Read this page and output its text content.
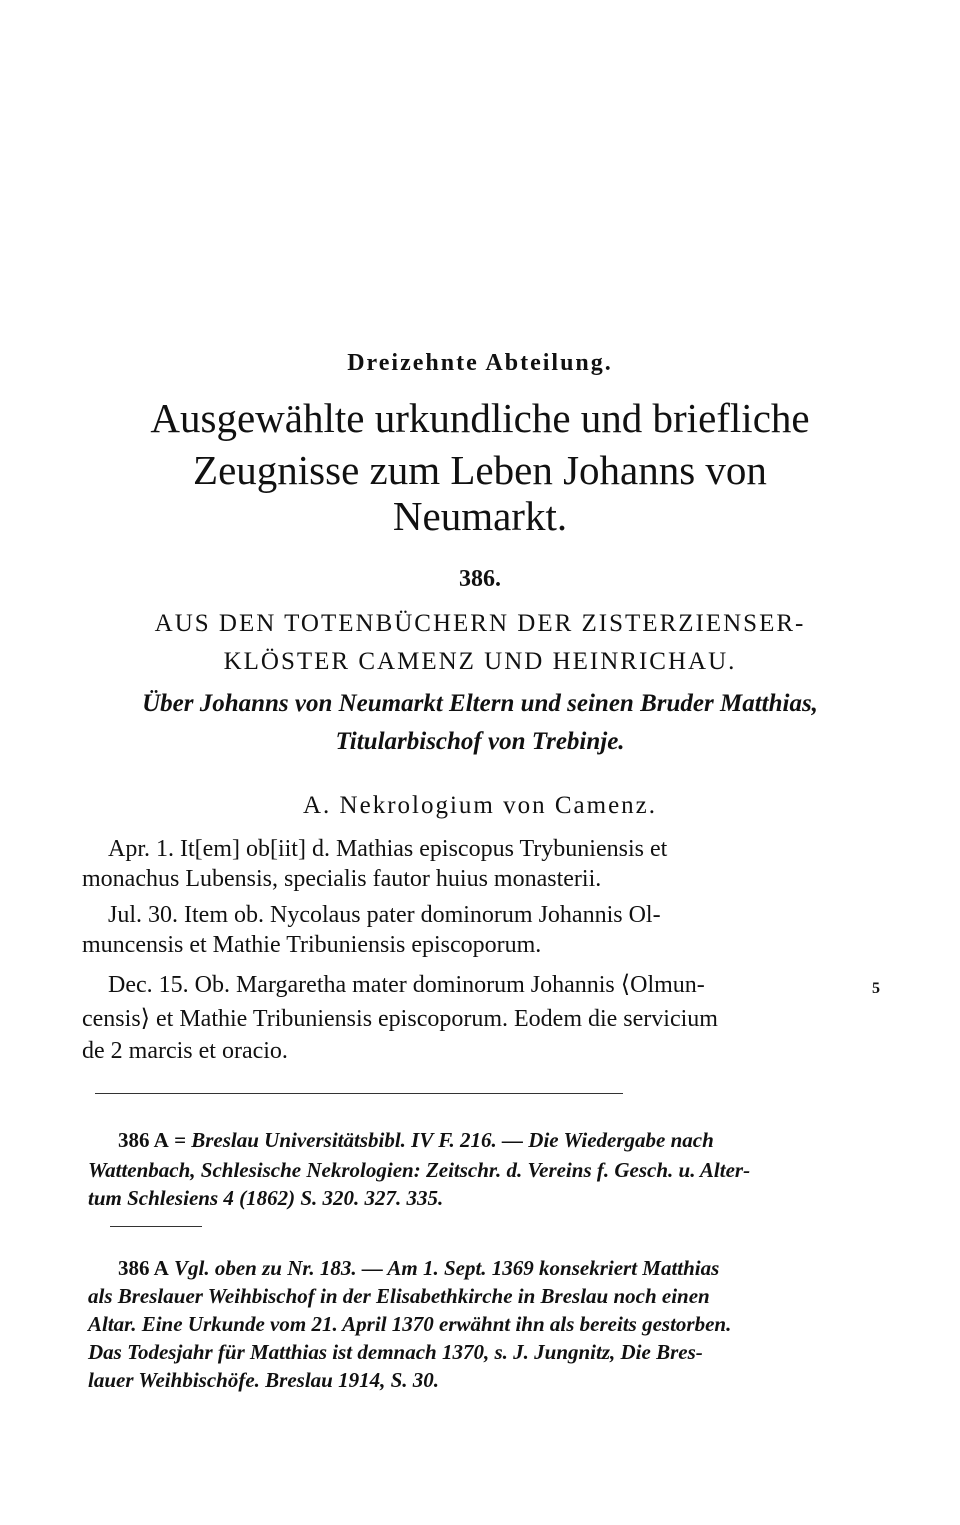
Dreizehnte Abteilung.
Ausgewählte urkundliche und briefliche
Zeugnisse zum Leben Johanns von
Neumarkt.
386.
AUS DEN TOTENBÜCHERN DER ZISTERZIENSER-
KLÖSTER CAMENZ UND HEINRICHAU.
Über Johanns von Neumarkt Eltern und seinen Bruder Matthias,
Titularbischof von Trebinje.
A. Nekrologium von Camenz.
Apr. 1. It[em] ob[iit] d. Mathias episcopus Trybuniensis et
monachus Lubensis, specialis fautor huius monasterii.
Jul. 30. Item ob. Nycolaus pater dominorum Johannis Ol-
muncensis et Mathie Tribuniensis episcoporum.
Dec. 15. Ob. Margaretha mater dominorum Johannis ⟨Olmun-
censis⟩ et Mathie Tribuniensis episcoporum. Eodem die servicium
de 2 marcis et oracio.
5
386 A = Breslau Universitätsbibl. IV F. 216. — Die Wiedergabe nach
Wattenbach, Schlesische Nekrologien: Zeitschr. d. Vereins f. Gesch. u. Alter-
tum Schlesiens 4 (1862) S. 320. 327. 335.
386 A Vgl. oben zu Nr. 183. — Am 1. Sept. 1369 konsekriert Matthias
als Breslauer Weihbischof in der Elisabethkirche in Breslau noch einen
Altar. Eine Urkunde vom 21. April 1370 erwähnt ihn als bereits gestorben.
Das Todesjahr für Matthias ist demnach 1370, s. J. Jungnitz, Die Bres-
lauer Weihbischöfe. Breslau 1914, S. 30.
